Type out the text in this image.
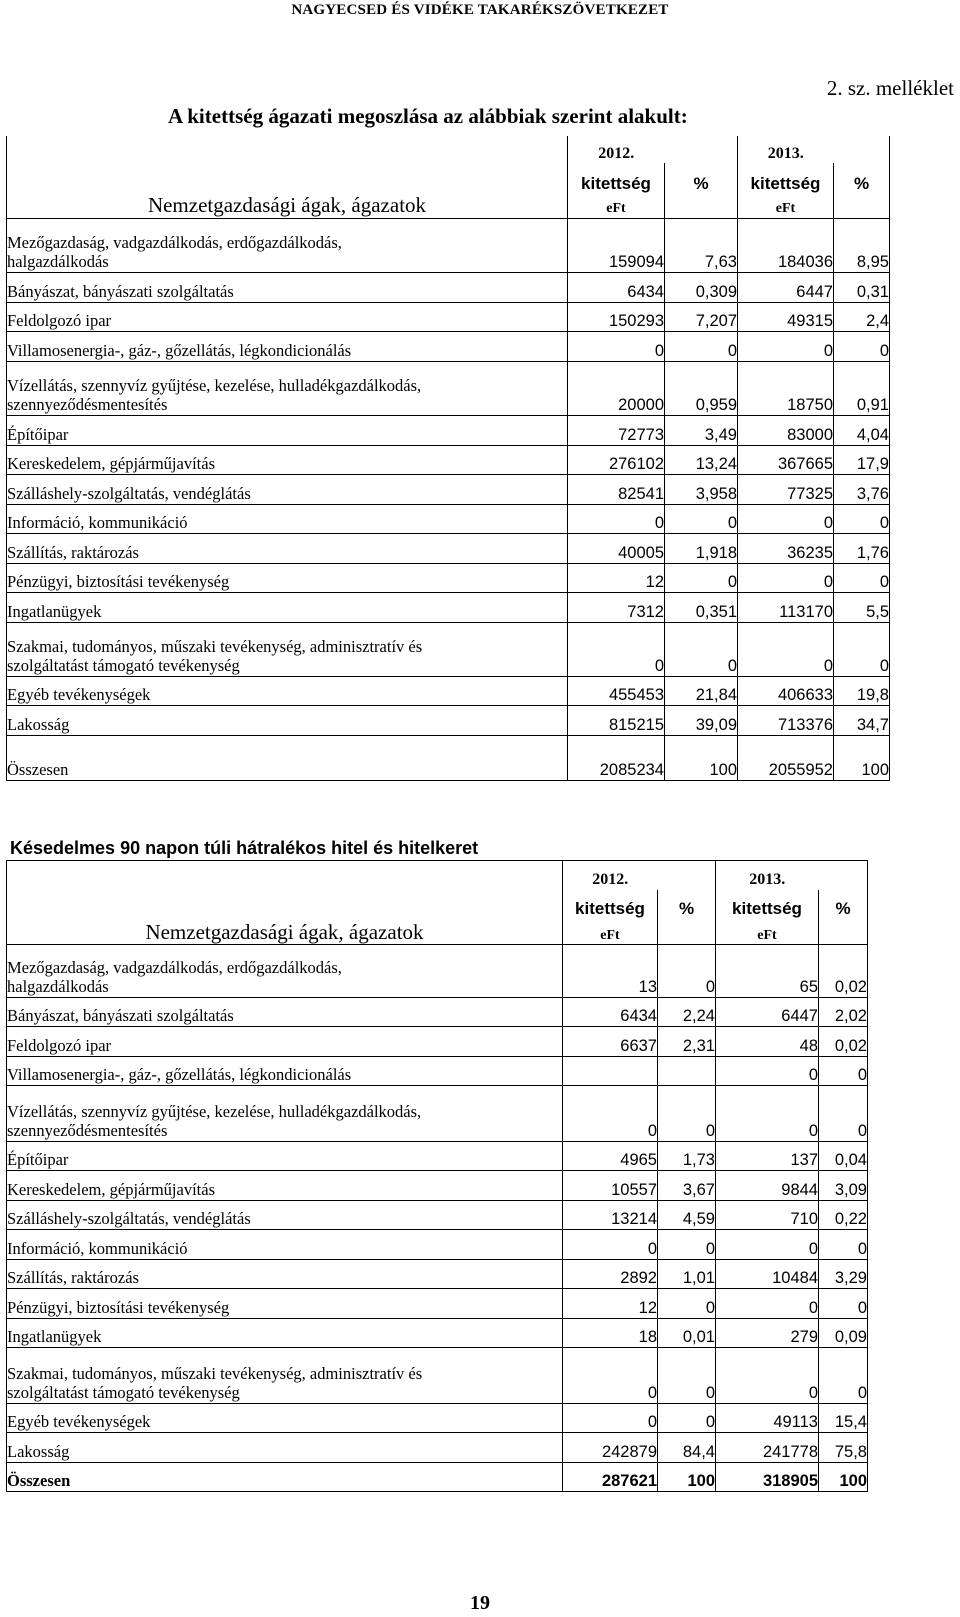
NAGYECSED ÉS VIDÉKE TAKARÉKSZÖVETKEZET
2. sz. melléklet
A kitettség ágazati megoszlása az alábbiak szerint alakult:
Nemzetgazdasági ágak, ágazatok	2012.		2013.	
	kitettség	%	kitettség	%
	eFt		eFt	
Mezőgazdaság, vadgazdálkodás, erdőgazdálkodás,
halgazdálkodás	159094	7,63	184036	8,95
Bányászat, bányászati szolgáltatás	6434	0,309	6447	0,31
Feldolgozó ipar	150293	7,207	49315	2,4
Villamosenergia-, gáz-, gőzellátás, légkondicionálás	0	0	0	0
Vízellátás, szennyvíz gyűjtése, kezelése, hulladékgazdálkodás,
szennyeződésmentesítés	20000	0,959	18750	0,91
Építőipar	72773	3,49	83000	4,04
Kereskedelem, gépjárműjavítás	276102	13,24	367665	17,9
Szálláshely-szolgáltatás, vendéglátás	82541	3,958	77325	3,76
Információ, kommunikáció	0	0	0	0
Szállítás, raktározás	40005	1,918	36235	1,76
Pénzügyi, biztosítási tevékenység	12	0	0	0
Ingatlanügyek	7312	0,351	113170	5,5
Szakmai, tudományos, műszaki tevékenység, adminisztratív és
szolgáltatást támogató tevékenység	0	0	0	0
Egyéb tevékenységek	455453	21,84	406633	19,8
Lakosság	815215	39,09	713376	34,7
Összesen	2085234	100	2055952	100
Késedelmes 90 napon túli hátralékos hitel és hitelkeret
Nemzetgazdasági ágak, ágazatok	2012.		2013.	
	kitettség	%	kitettség	%
	eFt		eFt	
Mezőgazdaság, vadgazdálkodás, erdőgazdálkodás,
halgazdálkodás	13	0	65	0,02
Bányászat, bányászati szolgáltatás	6434	2,24	6447	2,02
Feldolgozó ipar	6637	2,31	48	0,02
Villamosenergia-, gáz-, gőzellátás, légkondicionálás			0	0
Vízellátás, szennyvíz gyűjtése, kezelése, hulladékgazdálkodás,
szennyeződésmentesítés	0	0	0	0
Építőipar	4965	1,73	137	0,04
Kereskedelem, gépjárműjavítás	10557	3,67	9844	3,09
Szálláshely-szolgáltatás, vendéglátás	13214	4,59	710	0,22
Információ, kommunikáció	0	0	0	0
Szállítás, raktározás	2892	1,01	10484	3,29
Pénzügyi, biztosítási tevékenység	12	0	0	0
Ingatlanügyek	18	0,01	279	0,09
Szakmai, tudományos, műszaki tevékenység, adminisztratív és
szolgáltatást támogató tevékenység	0	0	0	0
Egyéb tevékenységek	0	0	49113	15,4
Lakosság	242879	84,4	241778	75,8
Összesen	287621	100	318905	100
19
